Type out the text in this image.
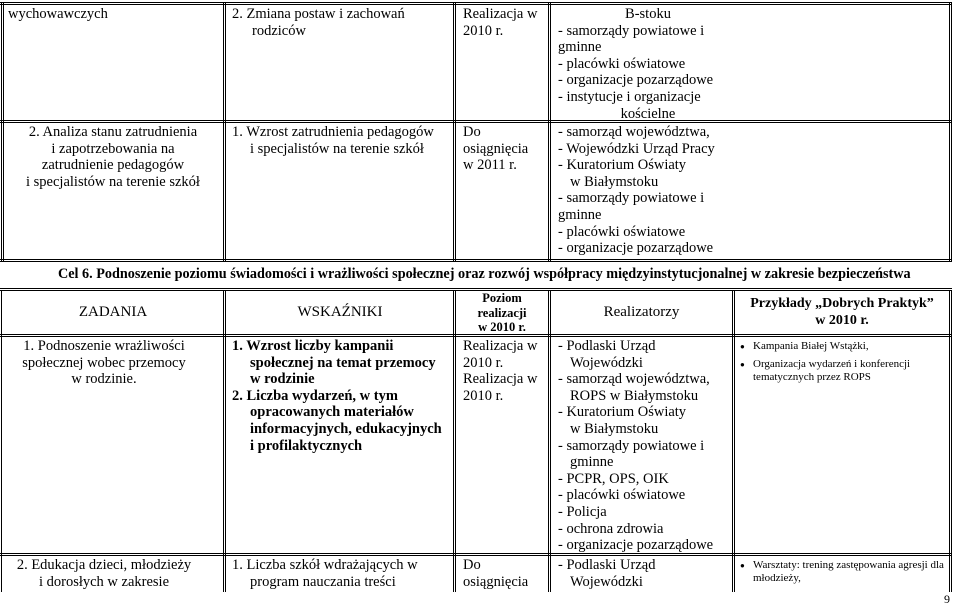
wychowawczych	2. Zmiana postaw i zachowań
rodziców
Realizacja w
2010 r.
B-stoku
- samorządy powiatowe i
gminne
- placówki oświatowe
- organizacje pozarządowe
- instytucje i organizacje
kościelne
2. Analiza stanu zatrudnienia
i zapotrzebowania na
zatrudnienie pedagogów
i specjalistów na terenie szkół
1. Wzrost zatrudnienia pedagogów
i specjalistów na terenie szkół
Do
osiągnięcia
w 2011 r.
- samorząd województwa,
- Wojewódzki Urząd Pracy
- Kuratorium Oświaty
w Białymstoku
- samorządy powiatowe i
gminne
- placówki oświatowe
- organizacje pozarządowe
Cel 6. Podnoszenie poziomu świadomości i wrażliwości społecznej oraz rozwój współpracy międzyinstytucjonalnej w zakresie bezpieczeństwa
ZADANIA	WSKAŹNIKI
Poziom
realizacji
w 2010 r.
Realizatorzy
Przykłady „Dobrych Praktyk”
w 2010 r.
1. Podnoszenie wrażliwości
społecznej wobec przemocy
w rodzinie.
1. Wzrost liczby kampanii
społecznej na temat przemocy
w rodzinie
2. Liczba wydarzeń, w tym
opracowanych materiałów
informacyjnych, edukacyjnych
i profilaktycznych
Realizacja w
2010 r.
Realizacja w
2010 r.
- Podlaski Urząd
Wojewódzki
- samorząd województwa,
ROPS w Białymstoku
- Kuratorium Oświaty
w Białymstoku
- samorządy powiatowe i
gminne
- PCPR, OPS, OIK
- placówki oświatowe
- Policja
- ochrona zdrowia
- organizacje pozarządowe
● Kampania Białej Wstążki,
● Organizacja wydarzeń i konferencji tematycznych przez ROPS
2. Edukacja dzieci, młodzieży
i dorosłych w zakresie
1. Liczba szkół wdrażających w
program nauczania treści
Do
osiągnięcia
- Podlaski Urząd
Wojewódzki
● Warsztaty: trening zastępowania agresji dla młodzieży,
9
